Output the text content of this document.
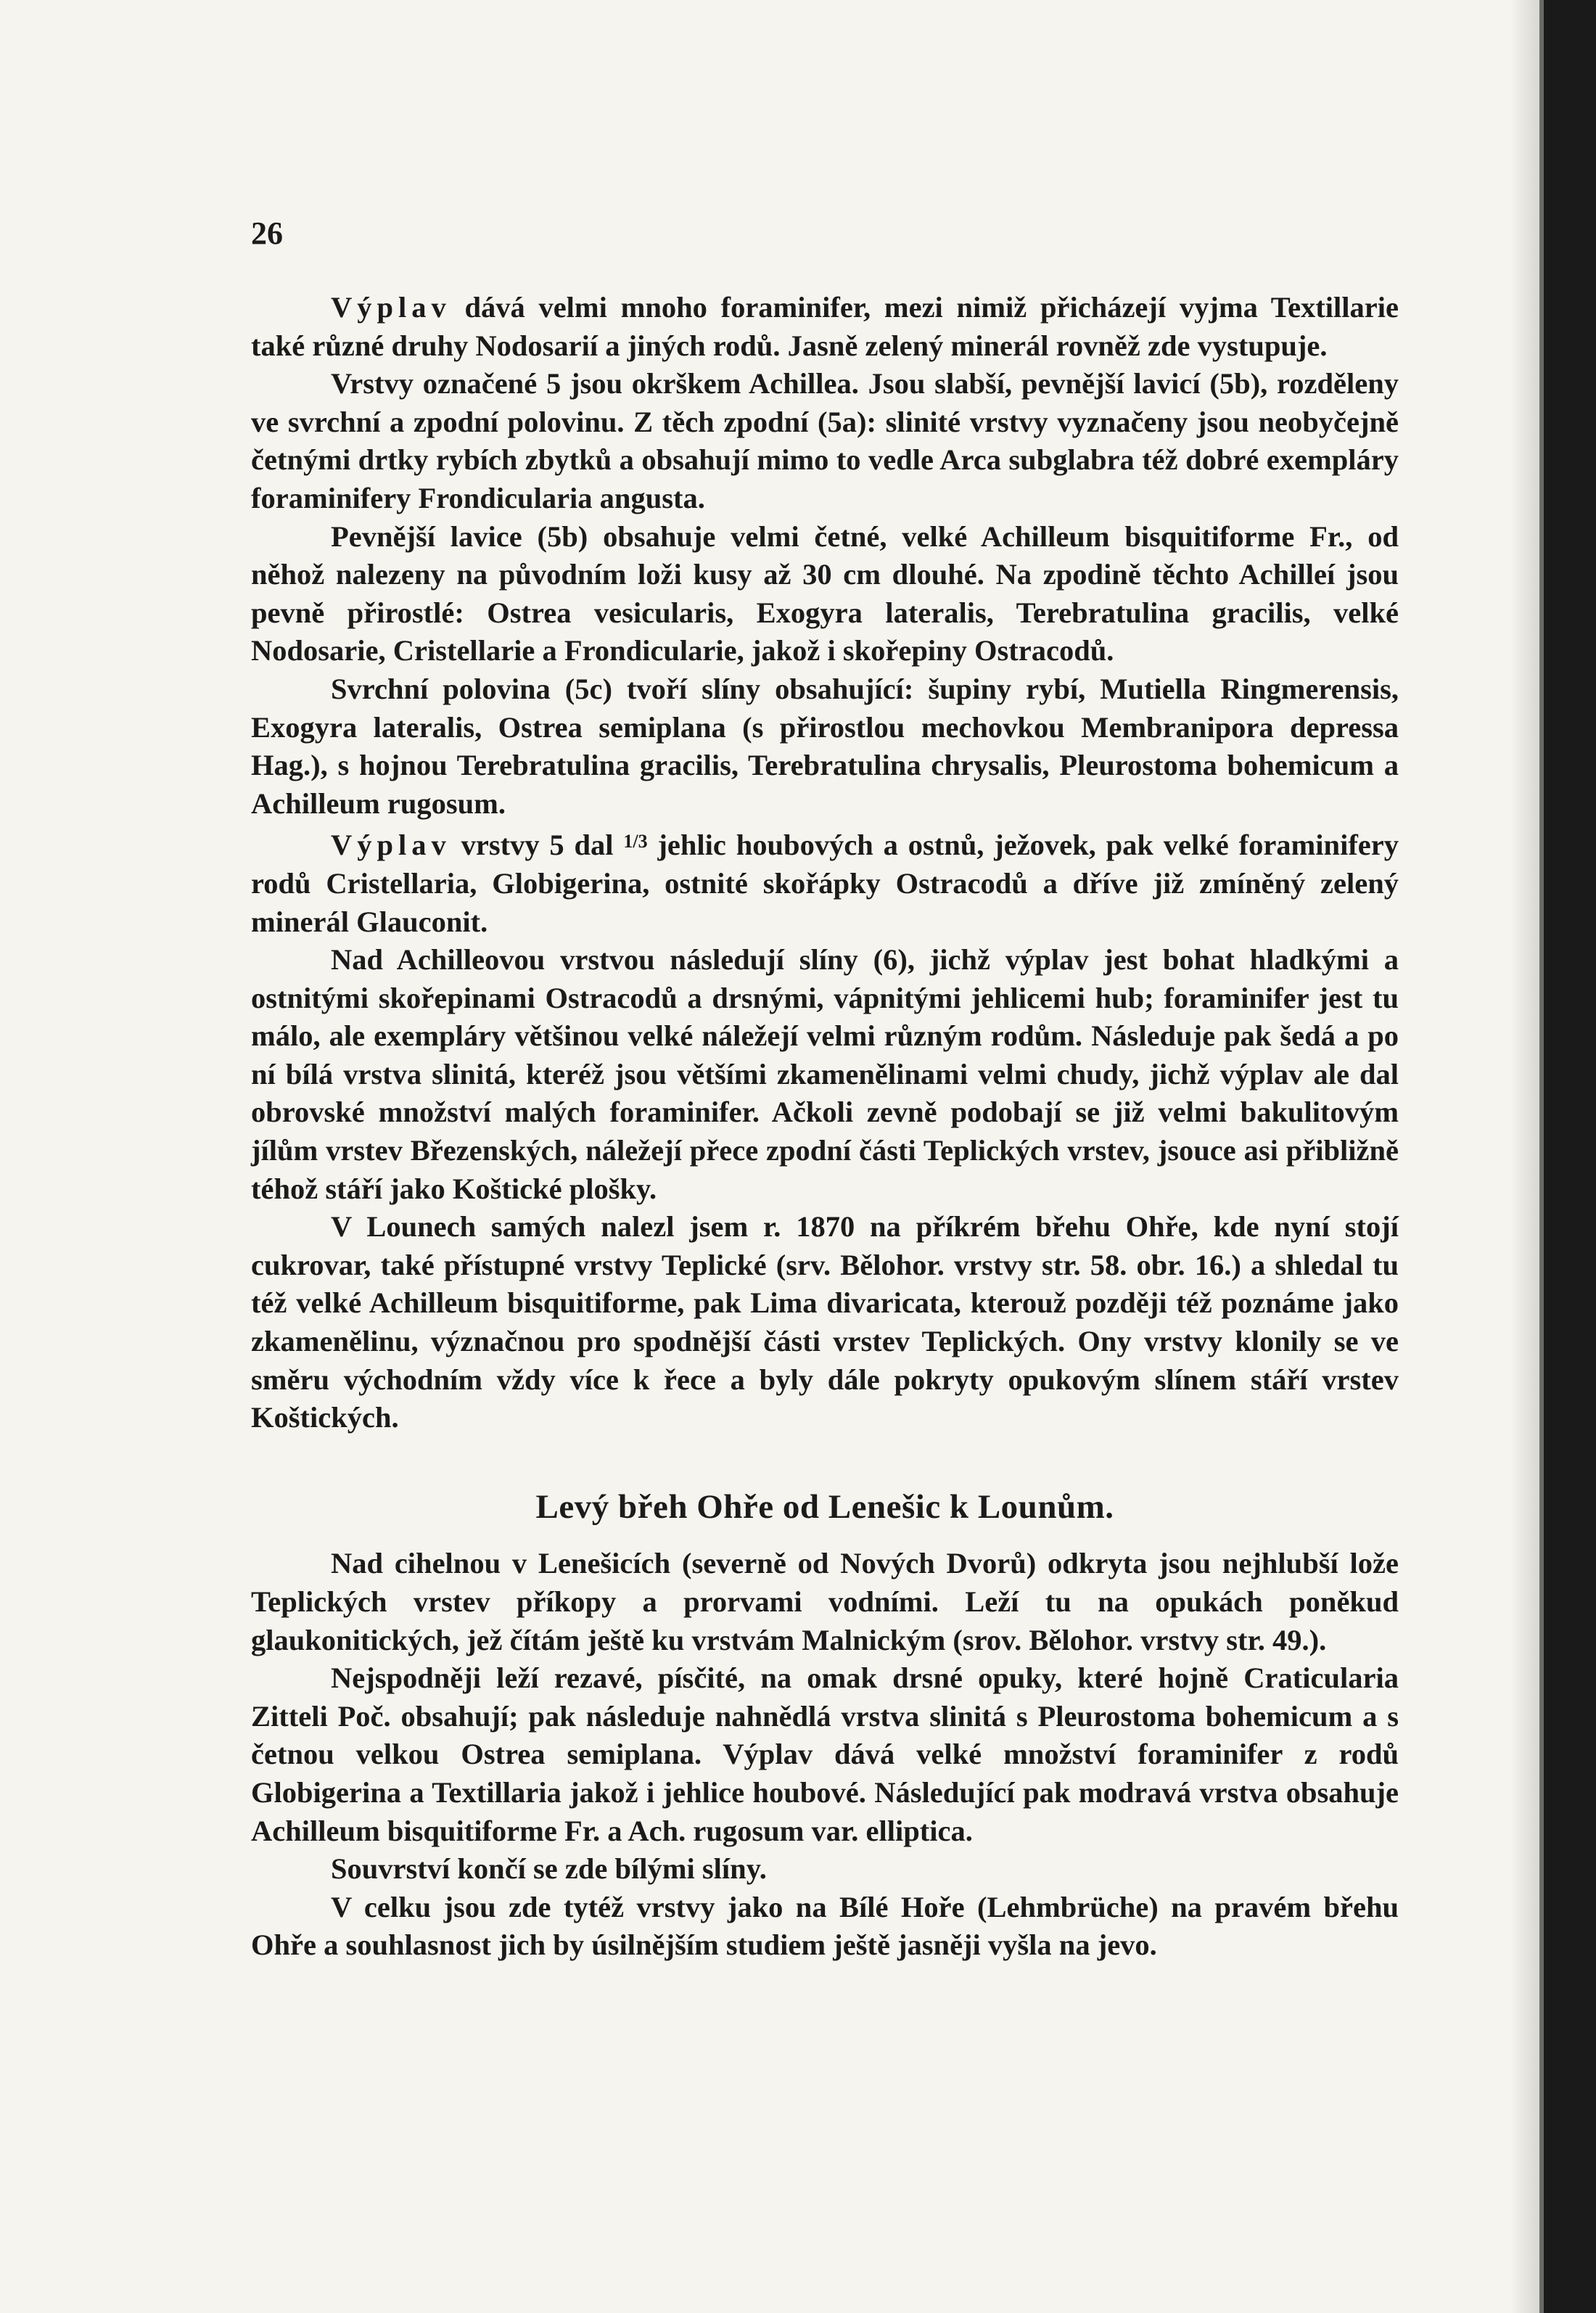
26

Výplav dává velmi mnoho foraminifer, mezi nimiž přicházejí vyjma Textillarie také různé druhy Nodosarií a jiných rodů. Jasně zelený minerál rovněž zde vystupuje.

Vrstvy označené 5 jsou okrškem Achillea. Jsou slabší, pevnější lavicí (5b), rozděleny ve svrchní a zpodní polovinu. Z těch zpodní (5a): slinité vrstvy vyznačeny jsou neobyčejně četnými drtky rybích zbytků a obsahují mimo to vedle Arca subglabra též dobré exempláry foraminifery Frondicularia angusta.

Pevnější lavice (5b) obsahuje velmi četné, velké Achilleum bisquitiforme Fr., od něhož nalezeny na původním loži kusy až 30 cm dlouhé. Na zpodině těchto Achilleí jsou pevně přirostlé: Ostrea vesicularis, Exogyra lateralis, Terebratulina gracilis, velké Nodosarie, Cristellarie a Frondicularie, jakož i skořepiny Ostracodů.

Svrchní polovina (5c) tvoří slíny obsahující: šupiny rybí, Mutiella Ringmerensis, Exogyra lateralis, Ostrea semiplana (s přirostlou mechovkou Membranipora depressa Hag.), s hojnou Terebratulina gracilis, Terebratulina chrysalis, Pleurostoma bohemicum a Achilleum rugosum.

Výplav vrstvy 5 dal $^{1/3}$ jehlic houbových a ostnů, ježovek, pak velké foraminifery rodů Cristellaria, Globigerina, ostnité skořápky Ostracodů a dříve již zmíněný zelený minerál Glauconit.

Nad Achilleovou vrstvou následují slíny (6), jichž výplav jest bohat hladkými a ostnitými skořepinami Ostracodů a drsnými, vápnitými jehlicemi hub; foraminifer jest tu málo, ale exempláry většinou velké náležejí velmi různým rodům. Následuje pak šedá a po ní bílá vrstva slinitá, kteréž jsou většími zkamenělinami velmi chudy, jichž výplav ale dal obrovské množství malých foraminifer. Ačkoli zevně podobají se již velmi bakulitovým jílům vrstev Březenských, náležejí přece zpodní části Teplických vrstev, jsouce asi přibližně téhož stáří jako Koštické plošky.

V Lounech samých nalezl jsem r. 1870 na příkrém břehu Ohře, kde nyní stojí cukrovar, také přístupné vrstvy Teplické (srv. Bělohor. vrstvy str. 58. obr. 16.) a shledal tu též velké Achilleum bisquitiforme, pak Lima divaricata, kterouž později též poznáme jako zkamenělinu, význačnou pro spodnější části vrstev Teplických. Ony vrstvy klonily se ve směru východním vždy více k řece a byly dále pokryty opukovým slínem stáří vrstev Koštických.

Levý břeh Ohře od Lenešic k Lounům.

Nad cihelnou v Lenešicích (severně od Nových Dvorů) odkryta jsou nejhlubší lože Teplických vrstev příkopy a prorvami vodními. Leží tu na opukách poněkud glaukonitických, jež čítám ještě ku vrstvám Malnickým (srov. Bělohor. vrstvy str. 49.).

Nejspodněji leží rezavé, písčité, na omak drsné opuky, které hojně Craticularia Zitteli Poč. obsahují; pak následuje nahnědlá vrstva slinitá s Pleurostoma bohemicum a s četnou velkou Ostrea semiplana. Výplav dává velké množství foraminifer z rodů Globigerina a Textillaria jakož i jehlice houbové. Následující pak modravá vrstva obsahuje Achilleum bisquitiforme Fr. a Ach. rugosum var. elliptica.

Souvrství končí se zde bílými slíny.

V celku jsou zde tytéž vrstvy jako na Bílé Hoře (Lehmbrüche) na pravém břehu Ohře a souhlasnost jich by úsilnějším studiem ještě jasněji vyšla na jevo.
